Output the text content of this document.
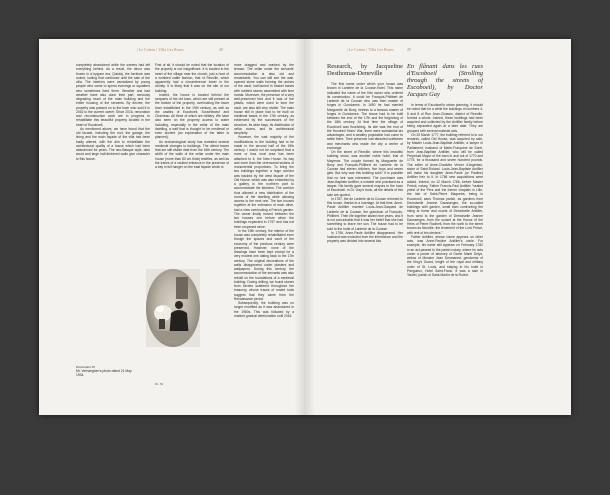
| Le Cotton | Villa Les Roses	28

completely abandoned while the owners had left everything behind. As a result, the décor was frozen in a bygone era. Quickly, the furniture was looted, looting that continued until the sale of the villa. The interiors were vandalized by young people who came to spend evenings or squatters who sometimes lived there. Weather and bad weather have also done their part, seriously degrading much of the main building and the entire housing of the servants. By decree, the property was passed on to the town who sold it in 2016 to the current owner. Since 2016, renovation and reconstruction work are in progress to rehabilitate this beautiful property located in the heart of Escoboeil.

As mentioned above, we have found that the old facade, including the roof, the garage, the lining and the main façade of the villa has been badly altered, with the aim to rehabilitate the architectural quality of a house which had been abandoned for years. The neo-Basque style, dark wood and large half-timbered walls give character to this house.

First of all, it should be noted that the location of the property is not insignificant. It is located in the heart of the village near the church, just a hunt of a wrinkled cattle fashion, that of Rexville, which apparently had a circumference lower in the vicinity. It is likely that it was on the site of our building.

Indeed, the house is located behind the ramparts of the old town, which are still present at the bottom of the property, overlooking the lower town established in the 19th century, as well as the castles of Escoboeil, Souvetboeuf and Chavreau. All three of which are military. We have also seen on the property access to water including, especially in the cellar of the main dwelling, a well that is thought to be medieval or even ancient (an explanation of the latter is planned).

An archaeological study has revealed several medieval changes to buildings. The oldest traces that are still visible date from the 16th century. The width of the walls of the cellar under the main house (more than 80 cm thick) testifies, as well as the traces of a vaulted entrance in the presence of a bay in full hanger on the east façade which is

more dragged and marked by the terrace. The cellar under the servants' accommodation is also old and remarkable. You can still see the wall-opened stone walls forming the arches of the vault, half-buried in basket bands with rubbled stones assembled with lime mortar. Moreover, the presence of a very well-preserved bed and it was of the plastic, which were used to form the vault, are also still very visible. The main house still in place had to be built on medieval bases in the 17th century, as evidenced by the successors of the structure, its wide bays, its distribution of cellar rooms, and its architectural simplicity.

However, the vast majority of the modifications to the building had to be made in the second half of the 19th century. I would not be surprised that a more or less rural area has been attached to it, the New House. Its bay and more than the ceremonial sedans of monumental proportions. To bring the two buildings together, a huge corridor was backed by the west façade of the Old House, which was also embodied by a gallery in the northern part to accommodate the kitchens. The corridor thus allowed a new distribution of the rooms of the dwelling while allowing access to the next one. The two houses together at the extension of each other, had a view overlooking a French garden. The owner finally moved between the two houses one before when the buildings expanded in 1797 and has not been reopened since.

In the 19th century, the interior of the house was completely rehabilitated even though the spaces and vault of the economy of the previous century were preserved. However, none of the drawings have been kept except for a very modest one dating back to the 17th century. The original decorations of the walls disappeared under plasters and wallpapers. During this century, the accommodation of the servants was also rebuilt on the foundations of a medieval building. During drilling, we found stones from berries scattered throughout the masonry, whose traces of rusted tools suggest that they came from the Renaissance period.

Subsequently, the building was no longer modified as it was abandoned in the 1980s. This was followed by a marked gradual deterioration until 2016.

Ill. 30
Illustration 30
Mr. Verhaeghen's photo dated 21 May 1934.
| Le Cotton | Villa Les Roses	29
Research, by Jacqueline Desthomas-Deneville

The first name under which your house was known in Lanterie de la Cousse-Hotel. This name indicated the name of the first owner who ordered its construction. It could be François-Philibert de Lanterie de la Cousse who was then master of forges in Gondomes. In 1690 he had married Marguerite de Bony, heiress to a famous master of forges in Gondomes. The house had to be built between the end of the 17th and the beginning of the 18th century. At that time the village of Escoboeil was flourishing. Its site was the end of the Hundred Years' War, there were substantial tax advantages, and a wealthy population had come to settle there. Their presence had attracted craftsmen and merchants who made the city a centre of exchange.

On the street of Rexville, where this beautiful building stood, was another noble hotel, that of Mayence. The couple formed by Marguerite de Bony and François-Philibert de Lanterie de la Cousse had eleven children, five boys and seven girls. But why was this building sold? It is possible that no heir was interested. The purchaser was Jean-Baptiste Antillier, a notable who practised as a lawyer. His family gave several mayors to the town of Escoboeil. In Dr. Gay's book, all the details of this sale are quoted.

In 1787, the de Lanterie de la Cousse returned to this house, thanks to a marriage. At that time, Anne-Paule Antillier married Louis-Jean-Gaspard de Lanterie de la Cousse, the grandson of François-Philibert. Their life together lasted nine years, and it is not conceivable that it was her belief that she had something to leave her son. The house had to be sold to the hotel of Lanterie de la Cousse.

In 1796, Anne-Paule Antillier disappeared. Her husband was excluded from the inheritance and the property was divided into several lots.

En flânant dans les rues d'Escoboeil (Strolling through the streets of Escoboeil), by Doctor Jacques Gay

In terms of Escoboeil's urban planning, it should be noted that for a while the buildings of numbers 4, 6 and 8 of Rue Jean-Chassin, district of Rexville, formed a whole. Indeed, these buildings had been acquired and collected by the Antillier family before being separated again at a later date. They are grouped with several material acts.

On 25 March 1777, the building referred to in our remarks, called Old House, was acquired by sale, by Master Louis-Jean-Baptiste Antillier, a lawyer in Parliament, husband of Marie-Françoise de Sorel, from Jean-Baptiste Antillier, who will be called Perpetual Mayor of the town in and out of 1770 and 1775, for a thousand and seven hundred pounds. The seller of Anne-Charlotte Verner d'Argentan, sister of Saint-Roland. Louis-Jean-Baptiste Antillier will make his daughter Anne-Paule (or Pauline) Antillier heir to it. In 1786 new acquisitions were added. Indeed, on 12 March 1786, before Master Pertoil, notary, Father Francis-Paul Antillier "seated priest of the Pers and the former chaplain in Lille, the Isle of Saint-Pierre Maqueira, being in Escoboeil, sans Thomas parish, as gardens from Demoiselle Jeanne Dausserges, the so-called buildings with garden, small barn confronting the rising at home and courts of Demoiselle Antillier, from west to the garden of Demoiselle Jeanne Dausserges, from the sunset at the House of the Heirs of Pierre Rodinell, from the north to the street known as Neuville, the tenement of the Lord Prince, with rent of ten deniers."

Father Antillier, whose name appears on other acts, was Anne-Pauline Antillier's uncle. For example, his name still appears on February 1782 in an act passed to the parish notary, where he acts under a power of attorney of Dame Marie Delys, widow of Messire Jean Desmarest, gendarme of the King's Guard, knight of the royal and military order of St. Louis, and staying in his hotel in Pangueux, Hotel Saint-Franc. It was a sale in Tauliet, parish of Saint-Martin de la Roche.
